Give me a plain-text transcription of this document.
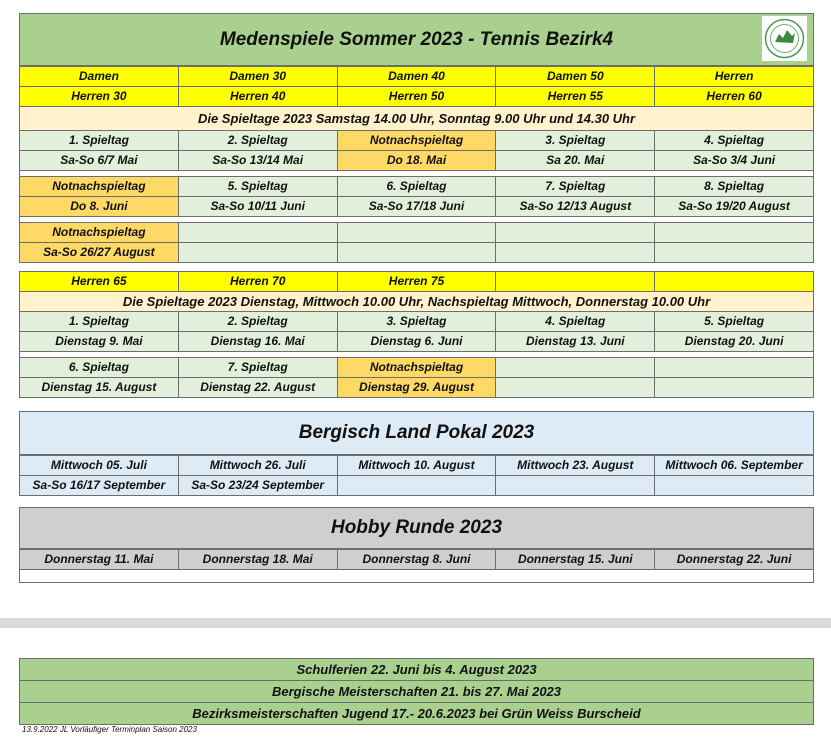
Medenspiele Sommer 2023 - Tennis Bezirk4
Damen	Damen 30	Damen 40	Damen 50	Herren
Herren 30	Herren 40	Herren 50	Herren 55	Herren 60
Die Spieltage 2023 Samstag 14.00 Uhr, Sonntag 9.00 Uhr und 14.30 Uhr				
1. Spieltag	2. Spieltag	Notnachspieltag	3. Spieltag	4. Spieltag
Sa-So 6/7 Mai	Sa-So 13/14 Mai	Do 18. Mai	Sa 20. Mai	Sa-So 3/4 Juni

Notnachspieltag	5. Spieltag	6. Spieltag	7. Spieltag	8. Spieltag
Do 8. Juni	Sa-So 10/11 Juni	Sa-So 17/18 Juni	Sa-So 12/13 August	Sa-So 19/20 August

Notnachspieltag				
Sa-So 26/27 August				
Herren 65	Herren 70	Herren 75		
Die Spieltage 2023 Dienstag, Mittwoch 10.00 Uhr, Nachspieltag Mittwoch, Donnerstag 10.00 Uhr				
1. Spieltag	2. Spieltag	3. Spieltag	4. Spieltag	5. Spieltag
Dienstag 9. Mai	Dienstag 16. Mai	Dienstag 6. Juni	Dienstag 13. Juni	Dienstag 20. Juni

6. Spieltag	7. Spieltag	Notnachspieltag		
Dienstag 15. August	Dienstag 22. August	Dienstag 29. August		
Bergisch Land Pokal 2023
Mittwoch 05. Juli	Mittwoch 26. Juli	Mittwoch 10. August	Mittwoch 23. August	Mittwoch 06. September
Sa-So 16/17 September	Sa-So 23/24 September			
Hobby Runde 2023
Donnerstag 11. Mai	Donnerstag 18. Mai	Donnerstag 8. Juni	Donnerstag 15. Juni	Donnerstag 22. Juni

Schulferien 22. Juni bis 4. August 2023
Bergische Meisterschaften 21. bis 27. Mai 2023
Bezirksmeisterschaften Jugend 17.- 20.6.2023 bei Grün Weiss Burscheid
13.9.2022 JL Vorläufiger Terminplan Saison 2023
